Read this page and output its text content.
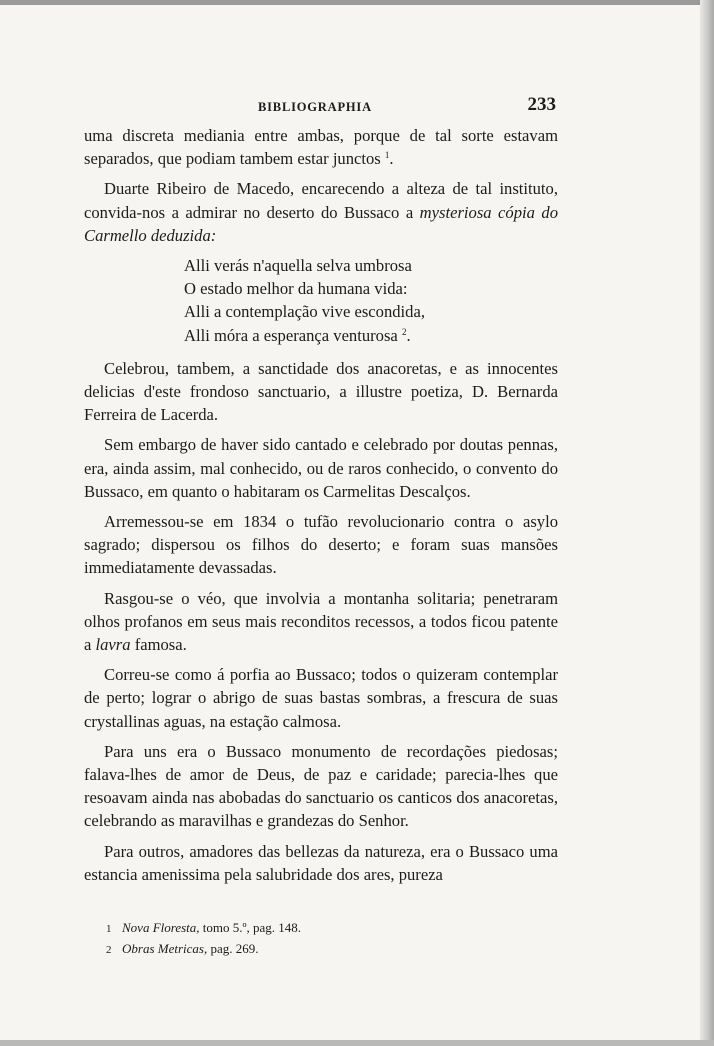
BIBLIOGRAPHIA	233

uma discreta mediania entre ambas, porque de tal sorte estavam separados, que podiam tambem estar junctos $^1$.

Duarte Ribeiro de Macedo, encarecendo a alteza de tal instituto, convida-nos a admirar no deserto do Bussaco a mysteriosa cópia do Carmello deduzida:

Alli verás n'aquella selva umbrosa
O estado melhor da humana vida:
Alli a contemplação vive escondida,
Alli móra a esperança venturosa $^2$.

Celebrou, tambem, a sanctidade dos anacoretas, e as innocentes delicias d'este frondoso sanctuario, a illustre poetiza, D. Bernarda Ferreira de Lacerda.

Sem embargo de haver sido cantado e celebrado por doutas pennas, era, ainda assim, mal conhecido, ou de raros conhecido, o convento do Bussaco, em quanto o habitaram os Carmelitas Descalços.

Arremessou-se em 1834 o tufão revolucionario contra o asylo sagrado; dispersou os filhos do deserto; e foram suas mansões immediatamente devassadas.

Rasgou-se o véo, que involvia a montanha solitaria; penetraram olhos profanos em seus mais reconditos recessos, a todos ficou patente a lavra famosa.

Correu-se como á porfia ao Bussaco; todos o quizeram contemplar de perto; lograr o abrigo de suas bastas sombras, a frescura de suas crystallinas aguas, na estação calmosa.

Para uns era o Bussaco monumento de recordações piedosas; falava-lhes de amor de Deus, de paz e caridade; parecia-lhes que resoavam ainda nas abobadas do sanctuario os canticos dos anacoretas, celebrando as maravilhas e grandezas do Senhor.

Para outros, amadores das bellezas da natureza, era o Bussaco uma estancia amenissima pela salubridade dos ares, pureza

1 Nova Floresta, tomo 5.º, pag. 148.
2 Obras Metricas, pag. 269.
